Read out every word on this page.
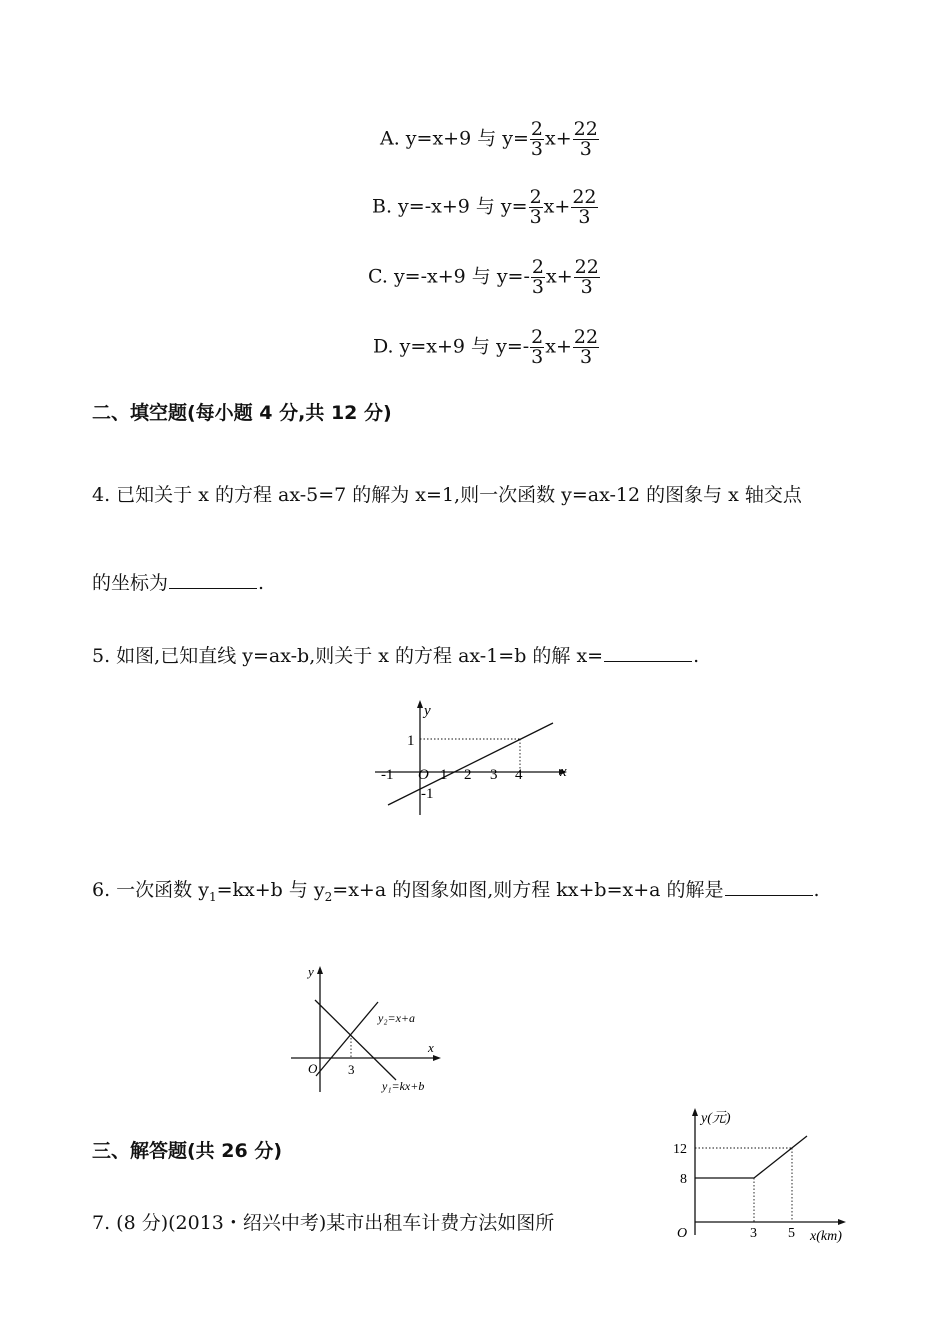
A. y=x+9 与 $y= \frac{2}{3} x+ \frac{22}{3}$
B. y=-x+9 与 $y= \frac{2}{3} x+ \frac{22}{3}$
C. y=-x+9 与 $y=- \frac{2}{3} x+ \frac{22}{3}$
D. y=x+9 与 $y=- \frac{2}{3} x+ \frac{22}{3}$
二、填空题(每小题 4 分,共 12 分)
4. 已知关于 x 的方程 ax-5=7 的解为 x=1,则一次函数 y=ax-12 的图象与 x 轴交点
的坐标为	.
5. 如图,已知直线 y=ax-b,则关于 x 的方程 ax-1=b 的解 x=	.
y
x
1
-1
O
-1	1 2 3 4
6. 一次函数 $y_1=kx+b$ 与 $y_2=x+a$ 的图象如图,则方程 kx+b=x+a 的解是	.
y
x
O 3
y₂=x+a
y₁=kx+b
三、解答题(共 26 分)
7. (8 分)(2013・绍兴中考)某市出租车计费方法如图所
y(元)
x(km)
O
12
8
3 5
